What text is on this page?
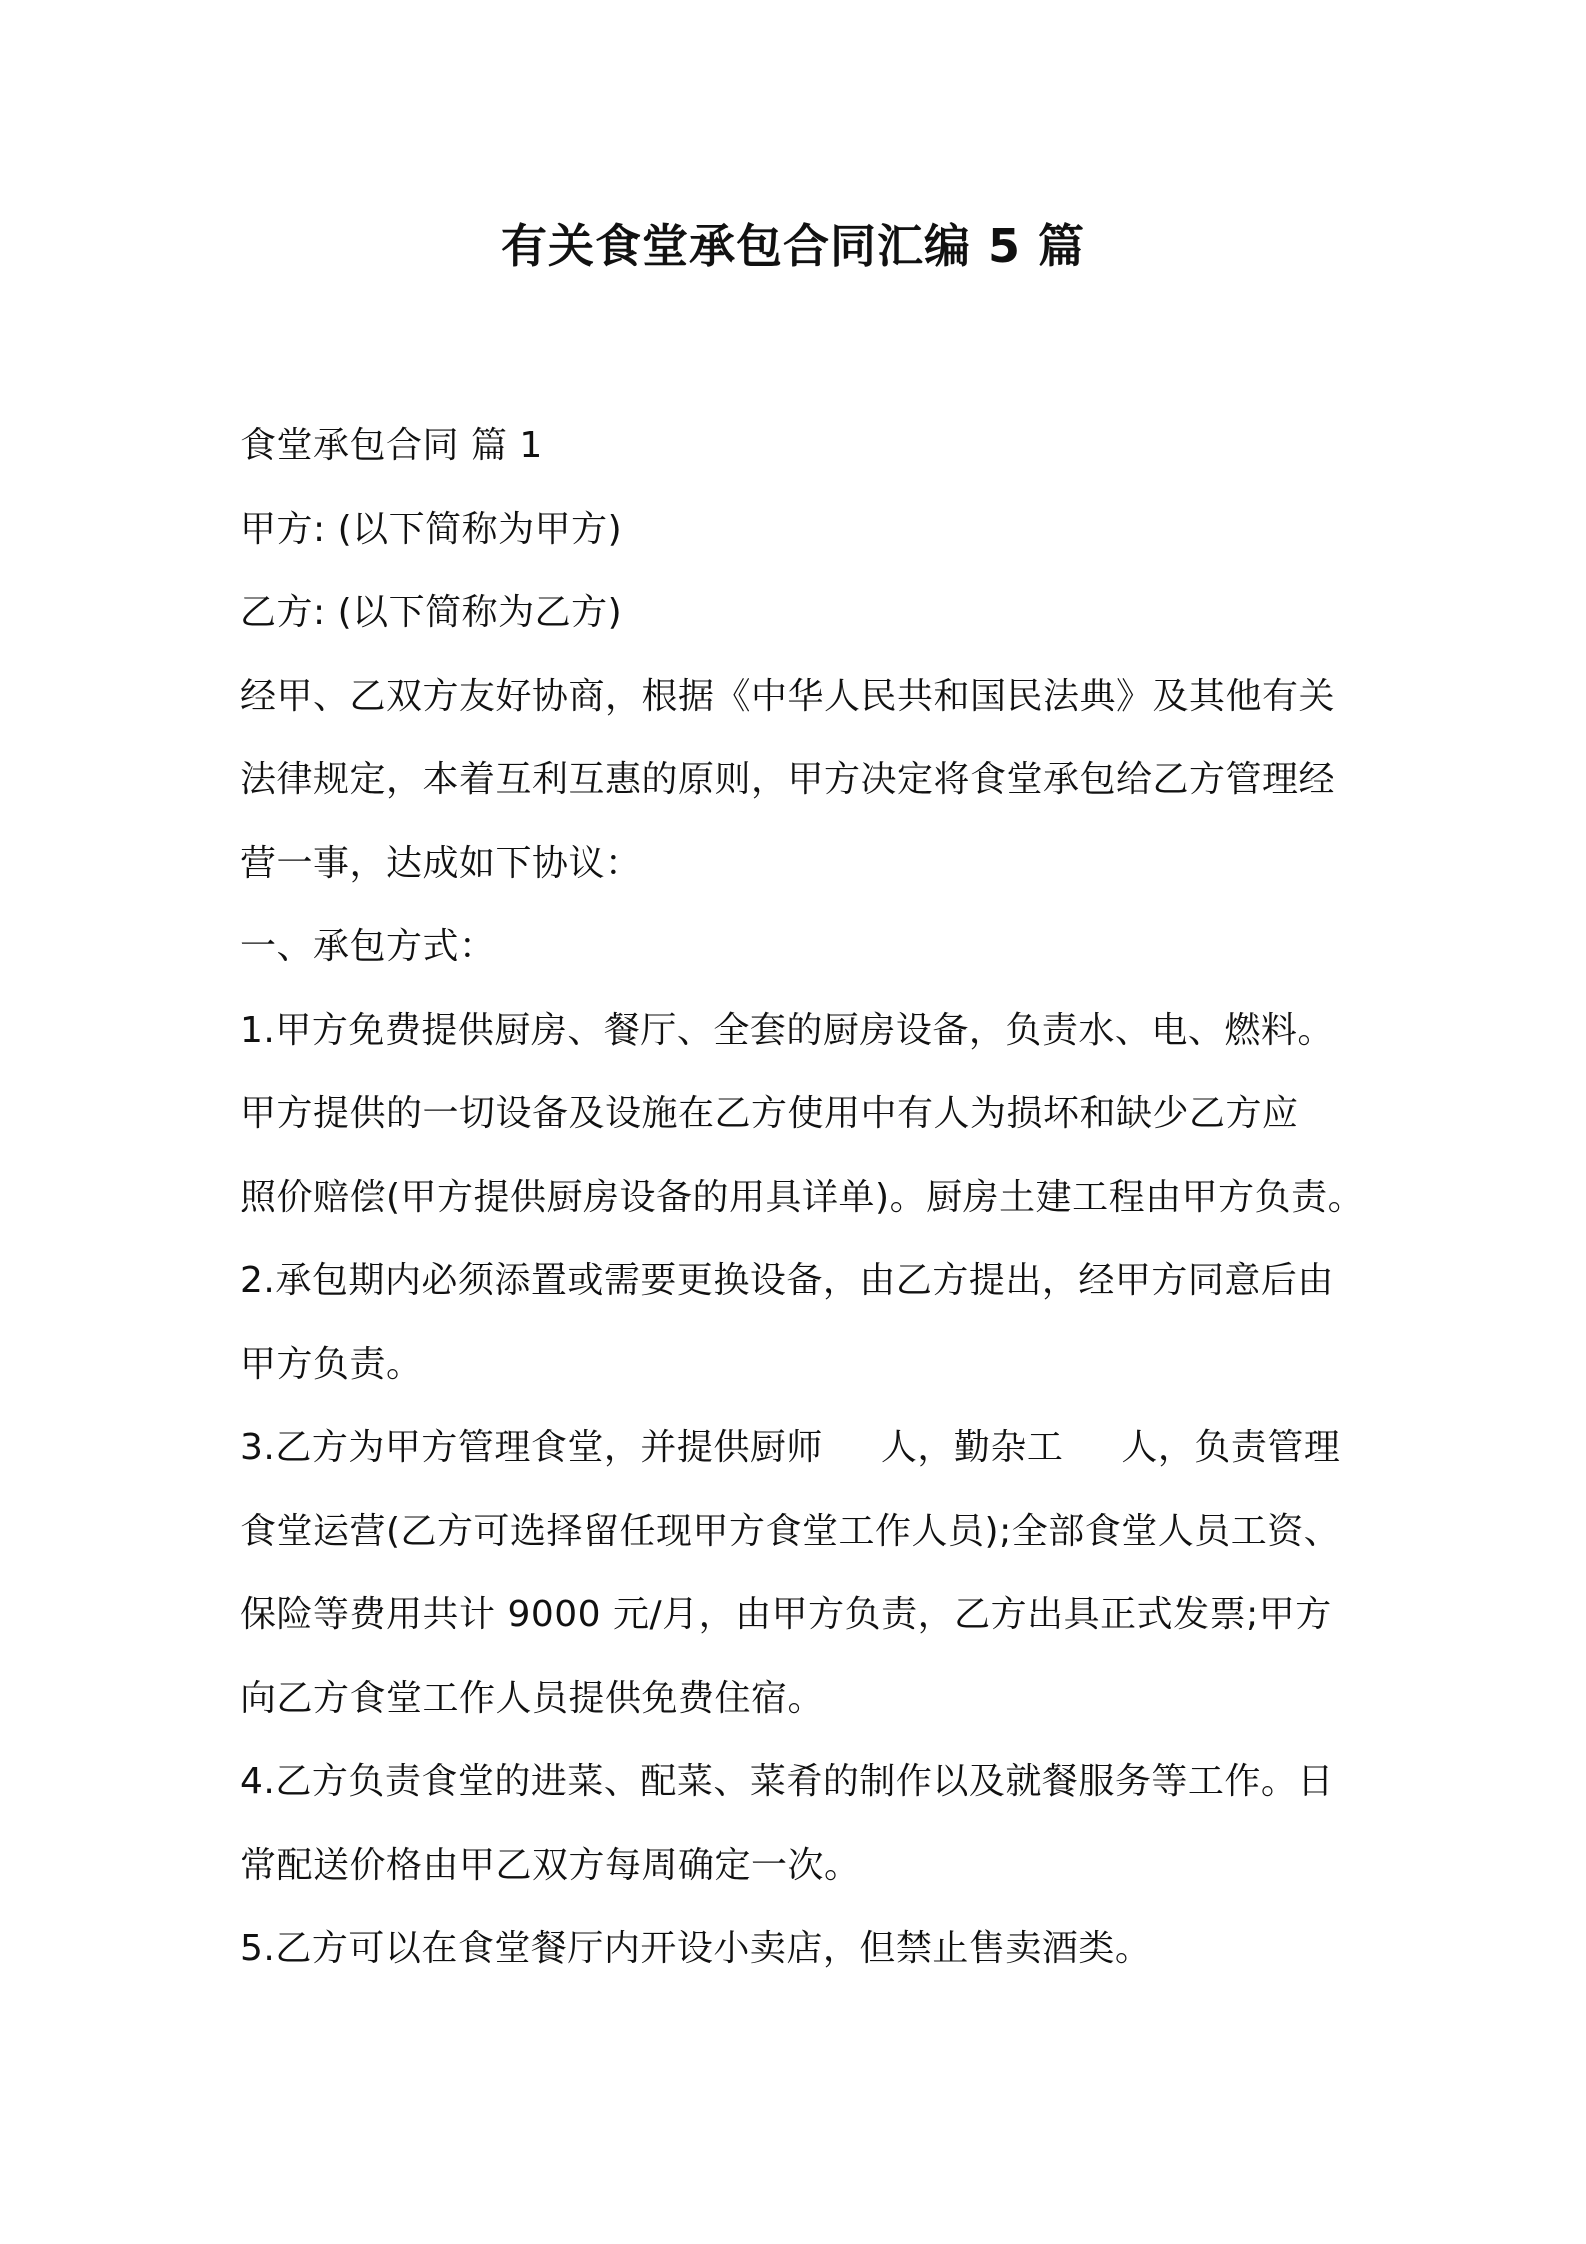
有关食堂承包合同汇编 5 篇

食堂承包合同 篇 1

甲方: (以下简称为甲方)

乙方: (以下简称为乙方)

经甲、乙双方友好协商，根据《中华人民共和国民法典》及其他有关

法律规定，本着互利互惠的原则，甲方决定将食堂承包给乙方管理经

营一事，达成如下协议：

一、承包方式：

1.甲方免费提供厨房、餐厅、全套的厨房设备，负责水、电、燃料。

甲方提供的一切设备及设施在乙方使用中有人为损坏和缺少乙方应

照价赔偿(甲方提供厨房设备的用具详单)。厨房土建工程由甲方负责。

2.承包期内必须添置或需要更换设备，由乙方提出，经甲方同意后由

甲方负责。

3.乙方为甲方管理食堂，并提供厨师 人，勤杂工 人，负责管理

食堂运营(乙方可选择留任现甲方食堂工作人员);全部食堂人员工资、

保险等费用共计 9000 元/月，由甲方负责，乙方出具正式发票;甲方

向乙方食堂工作人员提供免费住宿。

4.乙方负责食堂的进菜、配菜、菜肴的制作以及就餐服务等工作。日

常配送价格由甲乙双方每周确定一次。

5.乙方可以在食堂餐厅内开设小卖店，但禁止售卖酒类。
